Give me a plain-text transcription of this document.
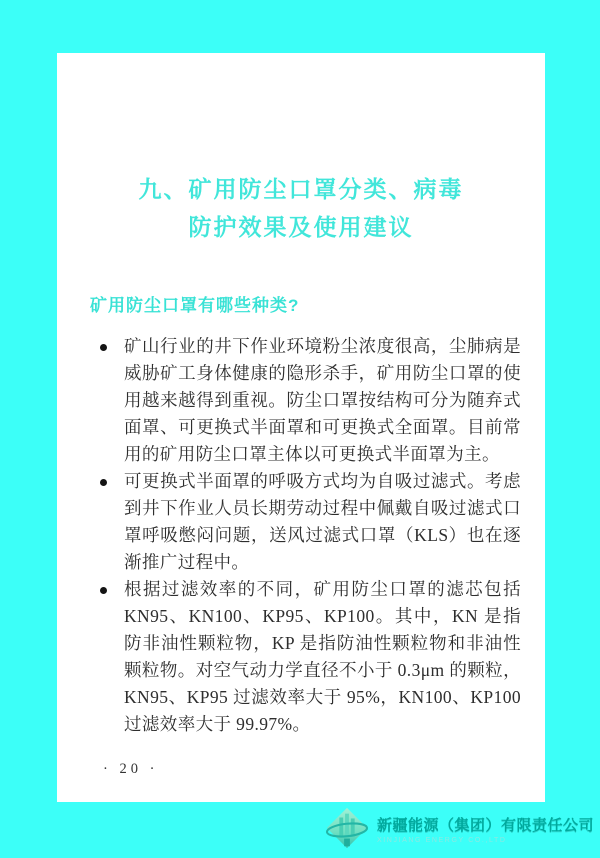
九、矿用防尘口罩分类、病毒
防护效果及使用建议
矿用防尘口罩有哪些种类?
矿山行业的井下作业环境粉尘浓度很高，尘肺病是威胁矿工身体健康的隐形杀手，矿用防尘口罩的使用越来越得到重视。防尘口罩按结构可分为随弃式面罩、可更换式半面罩和可更换式全面罩。目前常用的矿用防尘口罩主体以可更换式半面罩为主。
可更换式半面罩的呼吸方式均为自吸过滤式。考虑到井下作业人员长期劳动过程中佩戴自吸过滤式口罩呼吸憋闷问题，送风过滤式口罩（KLS）也在逐渐推广过程中。
根据过滤效率的不同，矿用防尘口罩的滤芯包括 KN95、KN100、KP95、KP100。其中，KN 是指防非油性颗粒物，KP 是指防油性颗粒物和非油性颗粒物。对空气动力学直径不小于 0.3μm 的颗粒，KN95、KP95 过滤效率大于 95%，KN100、KP100 过滤效率大于 99.97%。
· 20 ·
新疆能源（集团）有限责任公司
XINJIANG ENERGY CO.,LTD
